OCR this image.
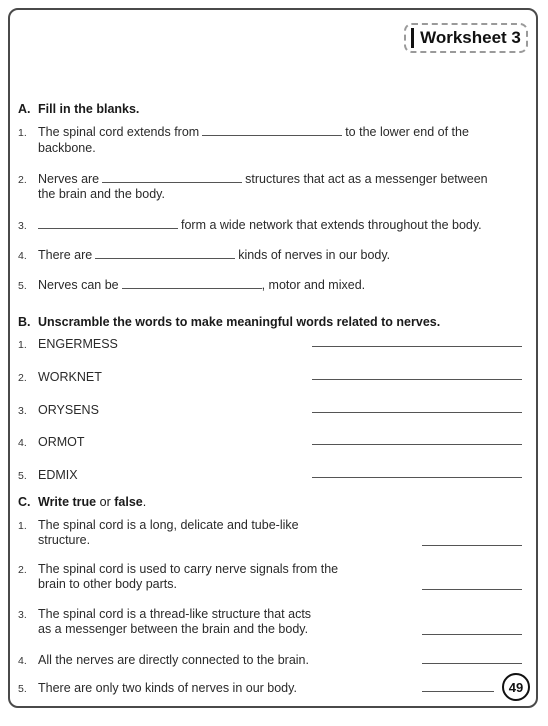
Worksheet 3
A. Fill in the blanks.
1. The spinal cord extends from	to the lower end of the
backbone.
2. Nerves are	structures that act as a messenger between
the brain and the body.
3.	form a wide network that extends throughout the body.
4. There are	kinds of nerves in our body.
5. Nerves can be	, motor and mixed.
B. Unscramble the words to make meaningful words related to nerves.
1. ENGERMESS
2. WORKNET
3. ORYSENS
4. ORMOT
5. EDMIX
C. Write true or false.
1. The spinal cord is a long, delicate and tube-like
structure.
2. The spinal cord is used to carry nerve signals from the
brain to other body parts.
3. The spinal cord is a thread-like structure that acts
as a messenger between the brain and the body.
4. All the nerves are directly connected to the brain.
5. There are only two kinds of nerves in our body.	49
